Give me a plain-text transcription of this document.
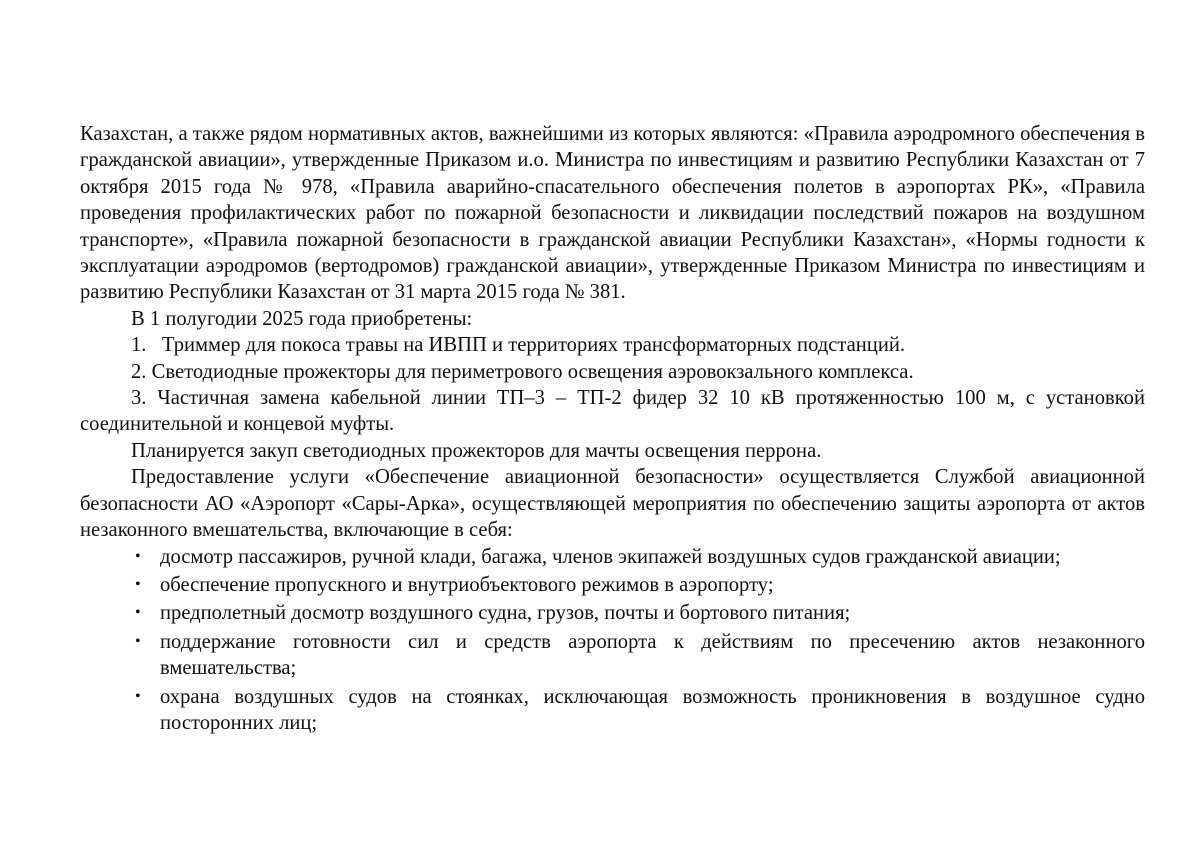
Казахстан, а также рядом нормативных актов, важнейшими из которых являются: «Правила аэродромного обеспечения в гражданской авиации», утвержденные Приказом и.о. Министра по инвестициям и развитию Республики Казахстан от 7 октября 2015 года № 978, «Правила аварийно-спасательного обеспечения полетов в аэропортах РК», «Правила проведения профилактических работ по пожарной безопасности и ликвидации последствий пожаров на воздушном транспорте», «Правила пожарной безопасности в гражданской авиации Республики Казахстан», «Нормы годности к эксплуатации аэродромов (вертодромов) гражданской авиации», утвержденные Приказом Министра по инвестициям и развитию Республики Казахстан от 31 марта 2015 года № 381.

В 1 полугодии 2025 года приобретены:

1.   Триммер для покоса травы на ИВПП и территориях трансформаторных подстанций.

2. Светодиодные прожекторы для периметрового освещения аэровокзального комплекса.

3. Частичная замена кабельной линии ТП–3 – ТП-2 фидер 32 10 кВ протяженностью 100 м, с установкой соединительной и концевой муфты.

Планируется закуп светодиодных прожекторов для мачты освещения перрона.

Предоставление услуги «Обеспечение авиационной безопасности» осуществляется Службой авиационной безопасности АО «Аэропорт «Сары-Арка», осуществляющей мероприятия по обеспечению защиты аэропорта от актов незаконного вмешательства, включающие в себя:

• досмотр пассажиров, ручной клади, багажа, членов экипажей воздушных судов гражданской авиации;
• обеспечение пропускного и внутриобъектового режимов в аэропорту;
• предполетный досмотр воздушного судна, грузов, почты и бортового питания;
• поддержание готовности сил и средств аэропорта к действиям по пресечению актов незаконного вмешательства;
• охрана воздушных судов на стоянках, исключающая возможность проникновения в воздушное судно посторонних лиц;
